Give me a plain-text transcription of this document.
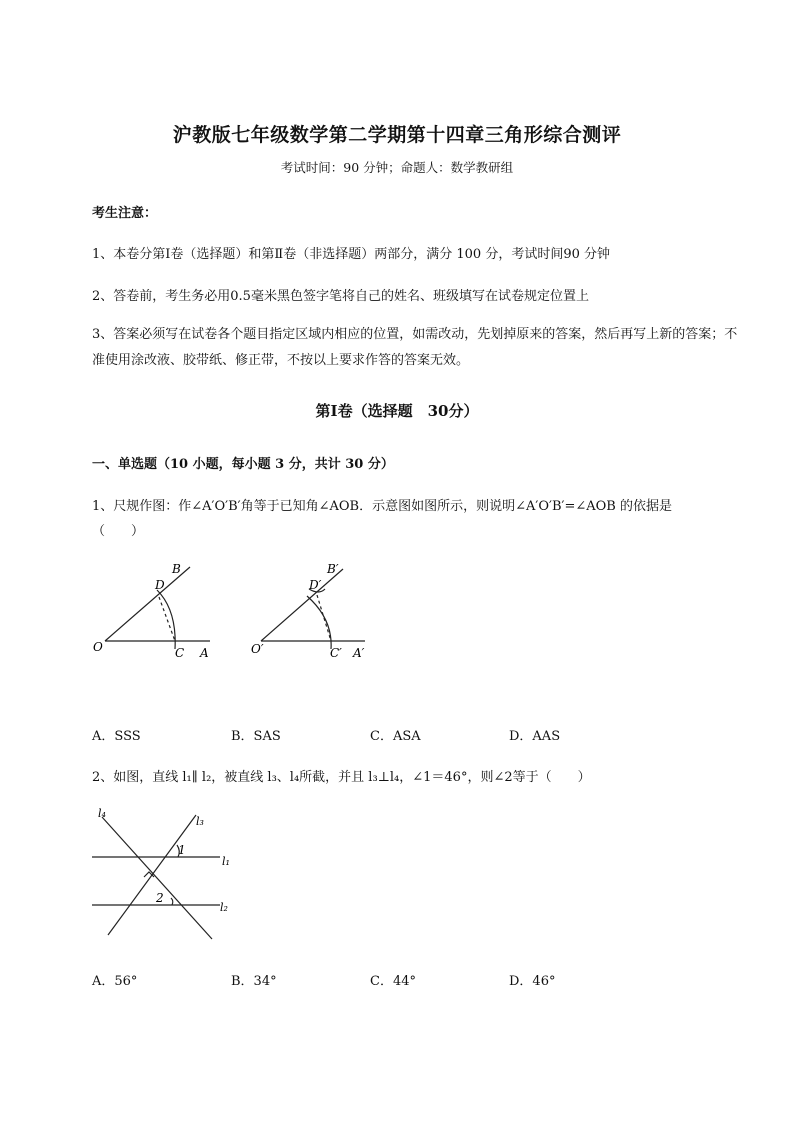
沪教版七年级数学第二学期第十四章三角形综合测评
考试时间：90 分钟；命题人：数学教研组
考生注意：
1、本卷分第Ⅰ卷（选择题）和第Ⅱ卷（非选择题）两部分，满分 100 分，考试时间90 分钟
2、答卷前，考生务必用0.5毫米黑色签字笔将自己的姓名、班级填写在试卷规定位置上
3、答案必须写在试卷各个题目指定区域内相应的位置，如需改动，先划掉原来的答案，然后再写上新的答案；不准使用涂改液、胶带纸、修正带，不按以上要求作答的答案无效。
第Ⅰ卷（选择题　30分）
一、单选题（10 小题，每小题 3 分，共计 30 分）
1、尺规作图：作∠A′O′B′角等于已知角∠AOB．示意图如图所示，则说明∠A′O′B′=∠AOB 的依据是
（　　）
O	C A
B
D
O′	C′ A′
B′
D′
A．SSS	B．SAS	C．ASA	D．AAS
2、如图，直线 l₁∥ l₂，被直线 l₃、l₄所截，并且 l₃⊥l₄，∠1＝46°，则∠2等于（　　）
l₄
l₃
l₁
l₂
1
2
A．56°	B．34°	C．44°	D．46°
